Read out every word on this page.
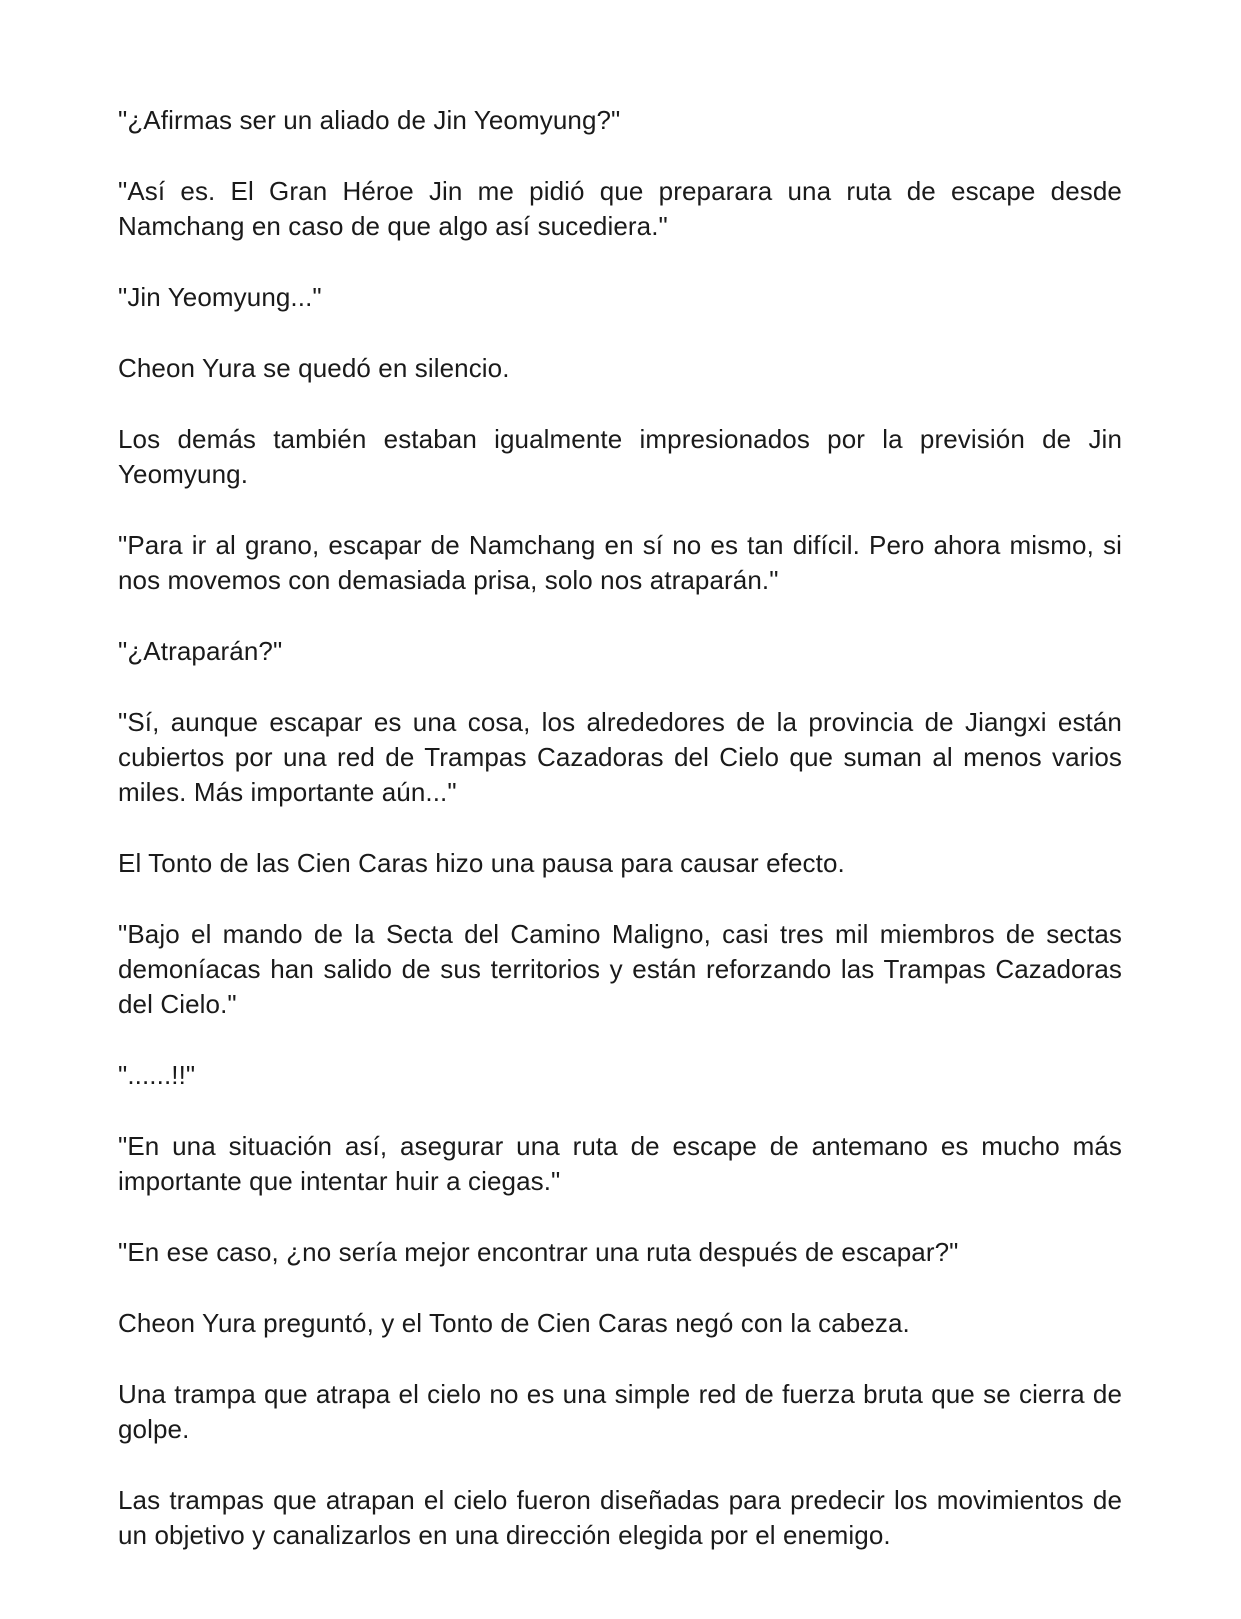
"¿Afirmas ser un aliado de Jin Yeomyung?"

"Así es. El Gran Héroe Jin me pidió que preparara una ruta de escape desde Namchang en caso de que algo así sucediera."

"Jin Yeomyung..."

Cheon Yura se quedó en silencio.

Los demás también estaban igualmente impresionados por la previsión de Jin Yeomyung.

"Para ir al grano, escapar de Namchang en sí no es tan difícil. Pero ahora mismo, si nos movemos con demasiada prisa, solo nos atraparán."

"¿Atraparán?"

"Sí, aunque escapar es una cosa, los alrededores de la provincia de Jiangxi están cubiertos por una red de Trampas Cazadoras del Cielo que suman al menos varios miles. Más importante aún..."

El Tonto de las Cien Caras hizo una pausa para causar efecto.

"Bajo el mando de la Secta del Camino Maligno, casi tres mil miembros de sectas demoníacas han salido de sus territorios y están reforzando las Trampas Cazadoras del Cielo."

"......!!"

"En una situación así, asegurar una ruta de escape de antemano es mucho más importante que intentar huir a ciegas."

"En ese caso, ¿no sería mejor encontrar una ruta después de escapar?"

Cheon Yura preguntó, y el Tonto de Cien Caras negó con la cabeza.

Una trampa que atrapa el cielo no es una simple red de fuerza bruta que se cierra de golpe.

Las trampas que atrapan el cielo fueron diseñadas para predecir los movimientos de un objetivo y canalizarlos en una dirección elegida por el enemigo.
